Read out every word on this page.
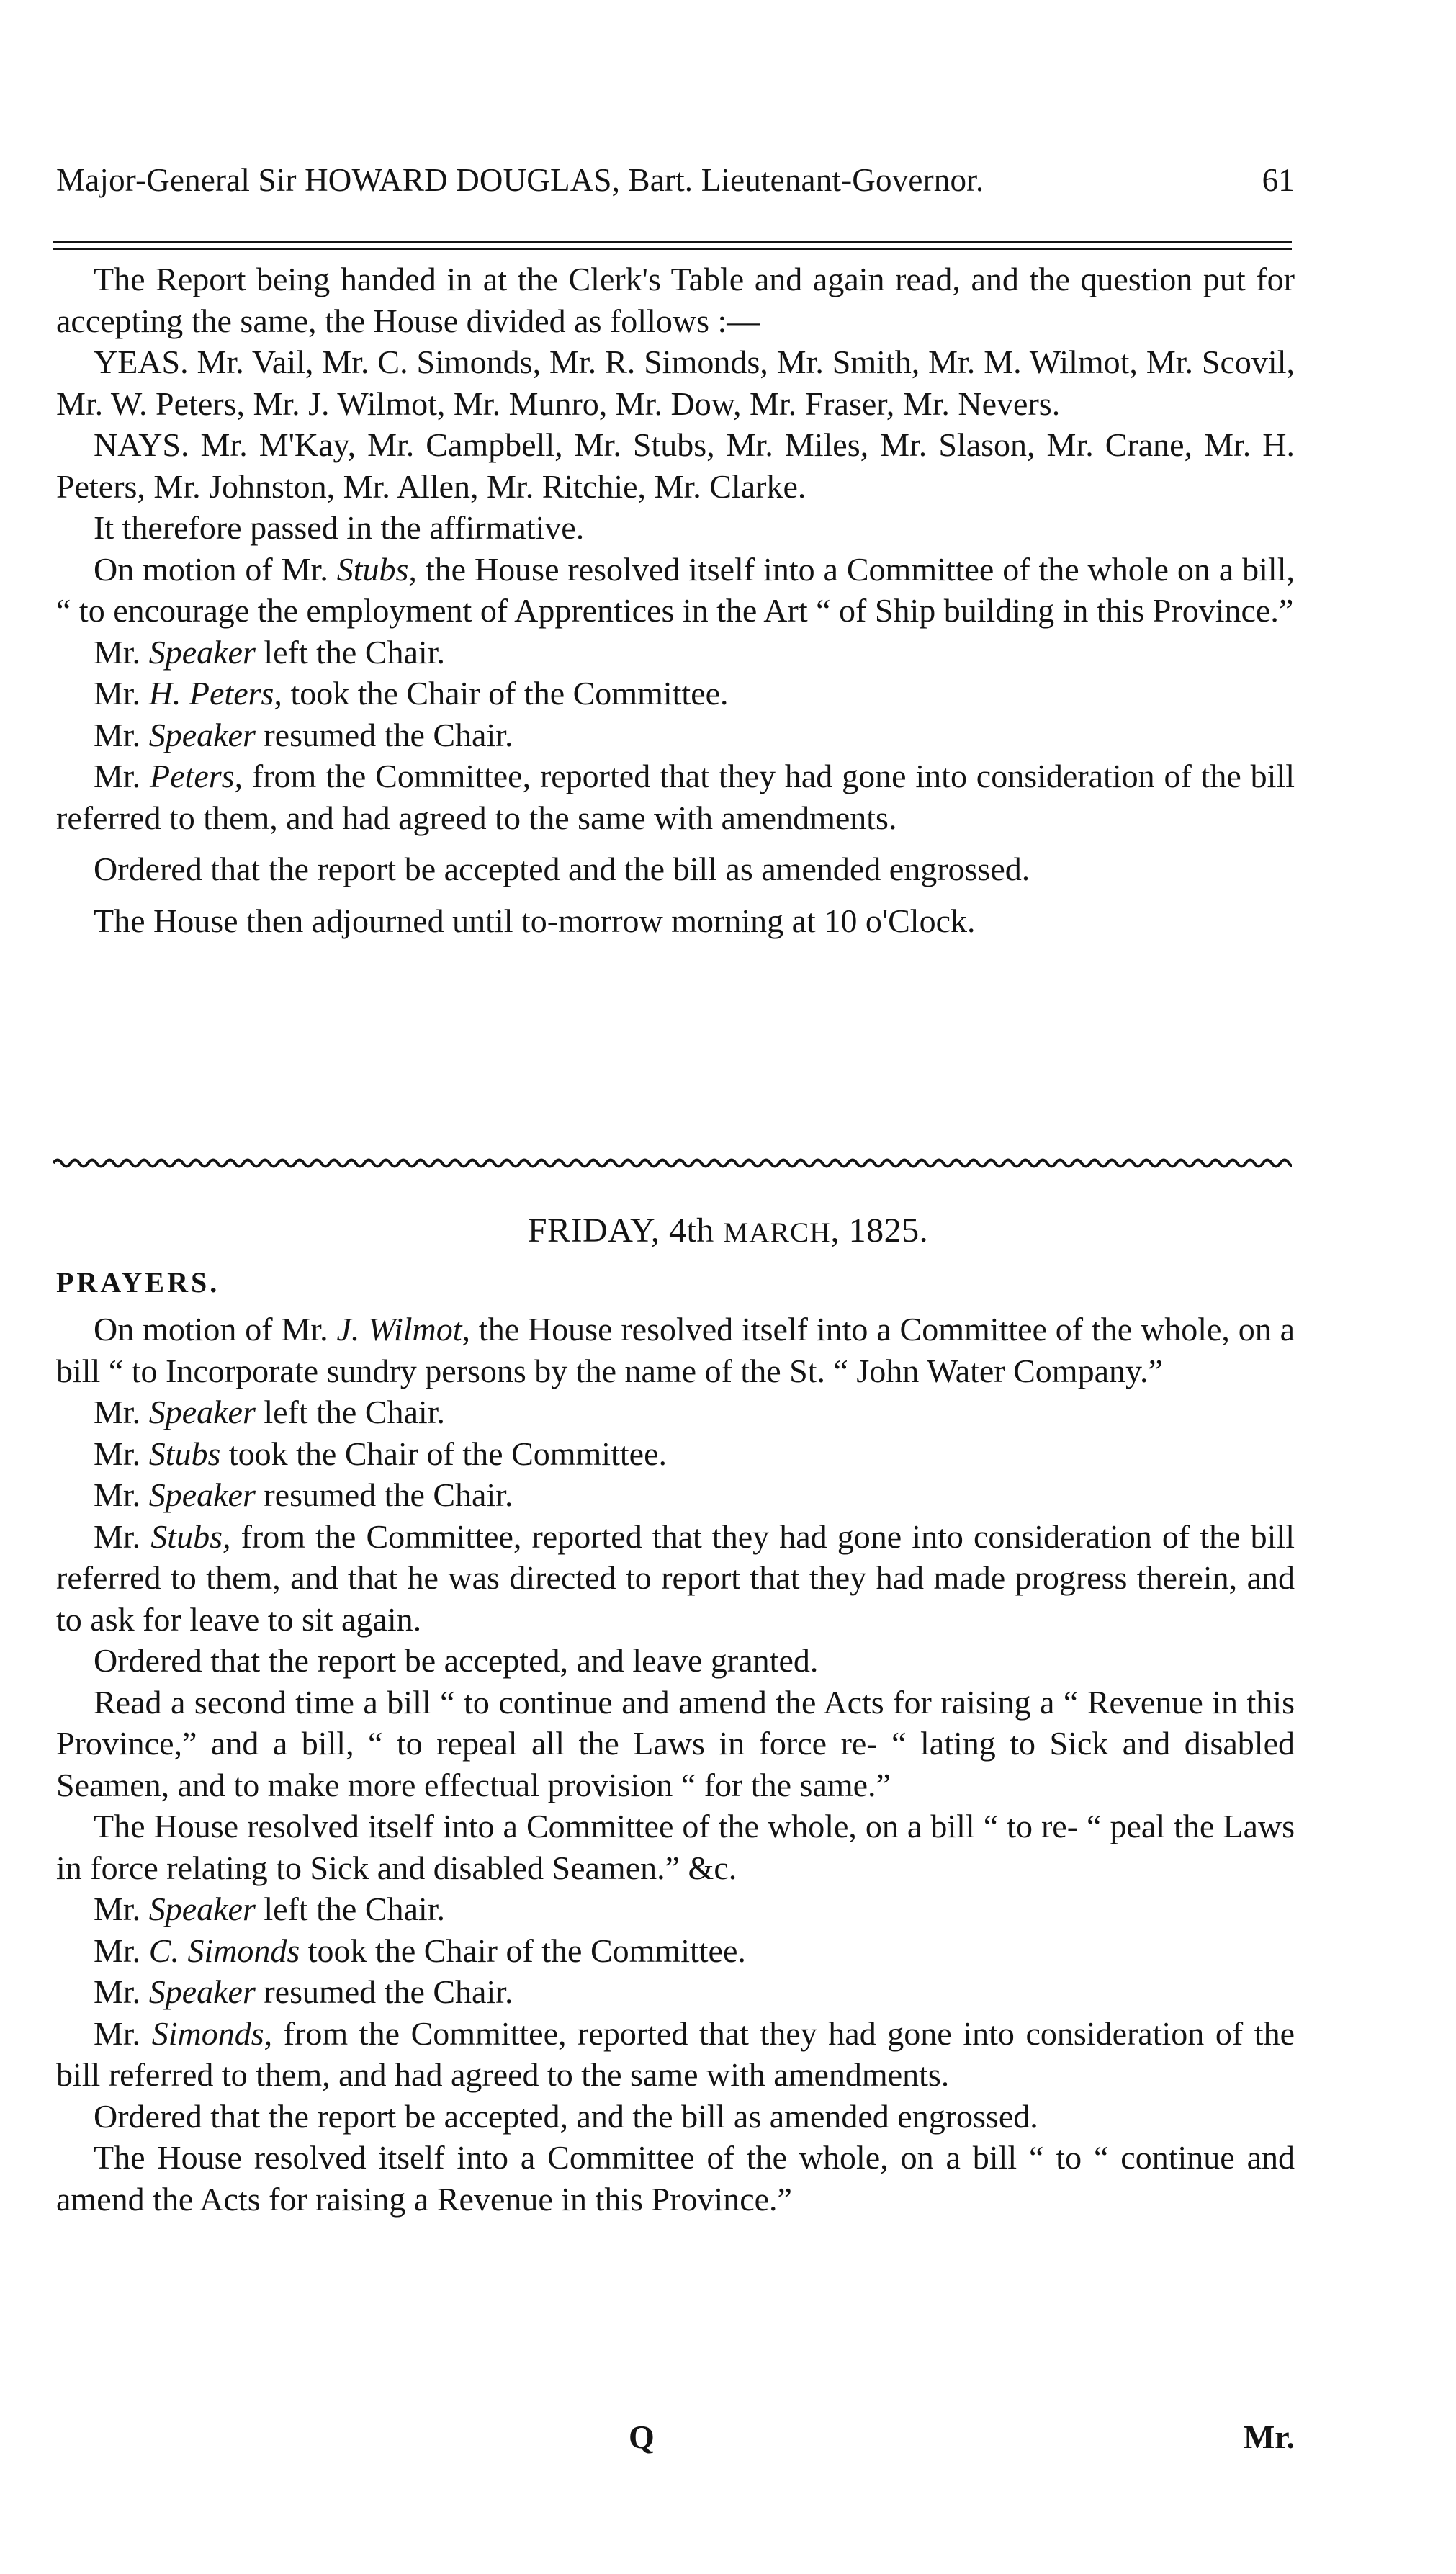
Major-General Sir HOWARD DOUGLAS, Bart. Lieutenant-Governor.	61

The Report being handed in at the Clerk's Table and again read, and the question put for accepting the same, the House divided as follows :—

YEAS. Mr. Vail, Mr. C. Simonds, Mr. R. Simonds, Mr. Smith, Mr. M. Wilmot, Mr. Scovil, Mr. W. Peters, Mr. J. Wilmot, Mr. Munro, Mr. Dow, Mr. Fraser, Mr. Nevers.

NAYS. Mr. M'Kay, Mr. Campbell, Mr. Stubs, Mr. Miles, Mr. Slason, Mr. Crane, Mr. H. Peters, Mr. Johnston, Mr. Allen, Mr. Ritchie, Mr. Clarke.

It therefore passed in the affirmative.

On motion of Mr. Stubs, the House resolved itself into a Committee of the whole on a bill, “ to encourage the employment of Apprentices in the Art “ of Ship building in this Province.”

Mr. Speaker left the Chair.

Mr. H. Peters, took the Chair of the Committee.

Mr. Speaker resumed the Chair.

Mr. Peters, from the Committee, reported that they had gone into consideration of the bill referred to them, and had agreed to the same with amendments.

Ordered that the report be accepted and the bill as amended engrossed.

The House then adjourned until to-morrow morning at 10 o'Clock.

FRIDAY, 4th MARCH, 1825.
PRAYERS.

On motion of Mr. J. Wilmot, the House resolved itself into a Committee of the whole, on a bill “ to Incorporate sundry persons by the name of the St. “ John Water Company.”

Mr. Speaker left the Chair.

Mr. Stubs took the Chair of the Committee.

Mr. Speaker resumed the Chair.

Mr. Stubs, from the Committee, reported that they had gone into consideration of the bill referred to them, and that he was directed to report that they had made progress therein, and to ask for leave to sit again.

Ordered that the report be accepted, and leave granted.

Read a second time a bill “ to continue and amend the Acts for raising a “ Revenue in this Province,” and a bill, “ to repeal all the Laws in force re- “ lating to Sick and disabled Seamen, and to make more effectual provision “ for the same.”

The House resolved itself into a Committee of the whole, on a bill “ to re- “ peal the Laws in force relating to Sick and disabled Seamen.” &c.

Mr. Speaker left the Chair.

Mr. C. Simonds took the Chair of the Committee.

Mr. Speaker resumed the Chair.

Mr. Simonds, from the Committee, reported that they had gone into consideration of the bill referred to them, and had agreed to the same with amendments.

Ordered that the report be accepted, and the bill as amended engrossed.

The House resolved itself into a Committee of the whole, on a bill “ to “ continue and amend the Acts for raising a Revenue in this Province.”

Q	Mr.
